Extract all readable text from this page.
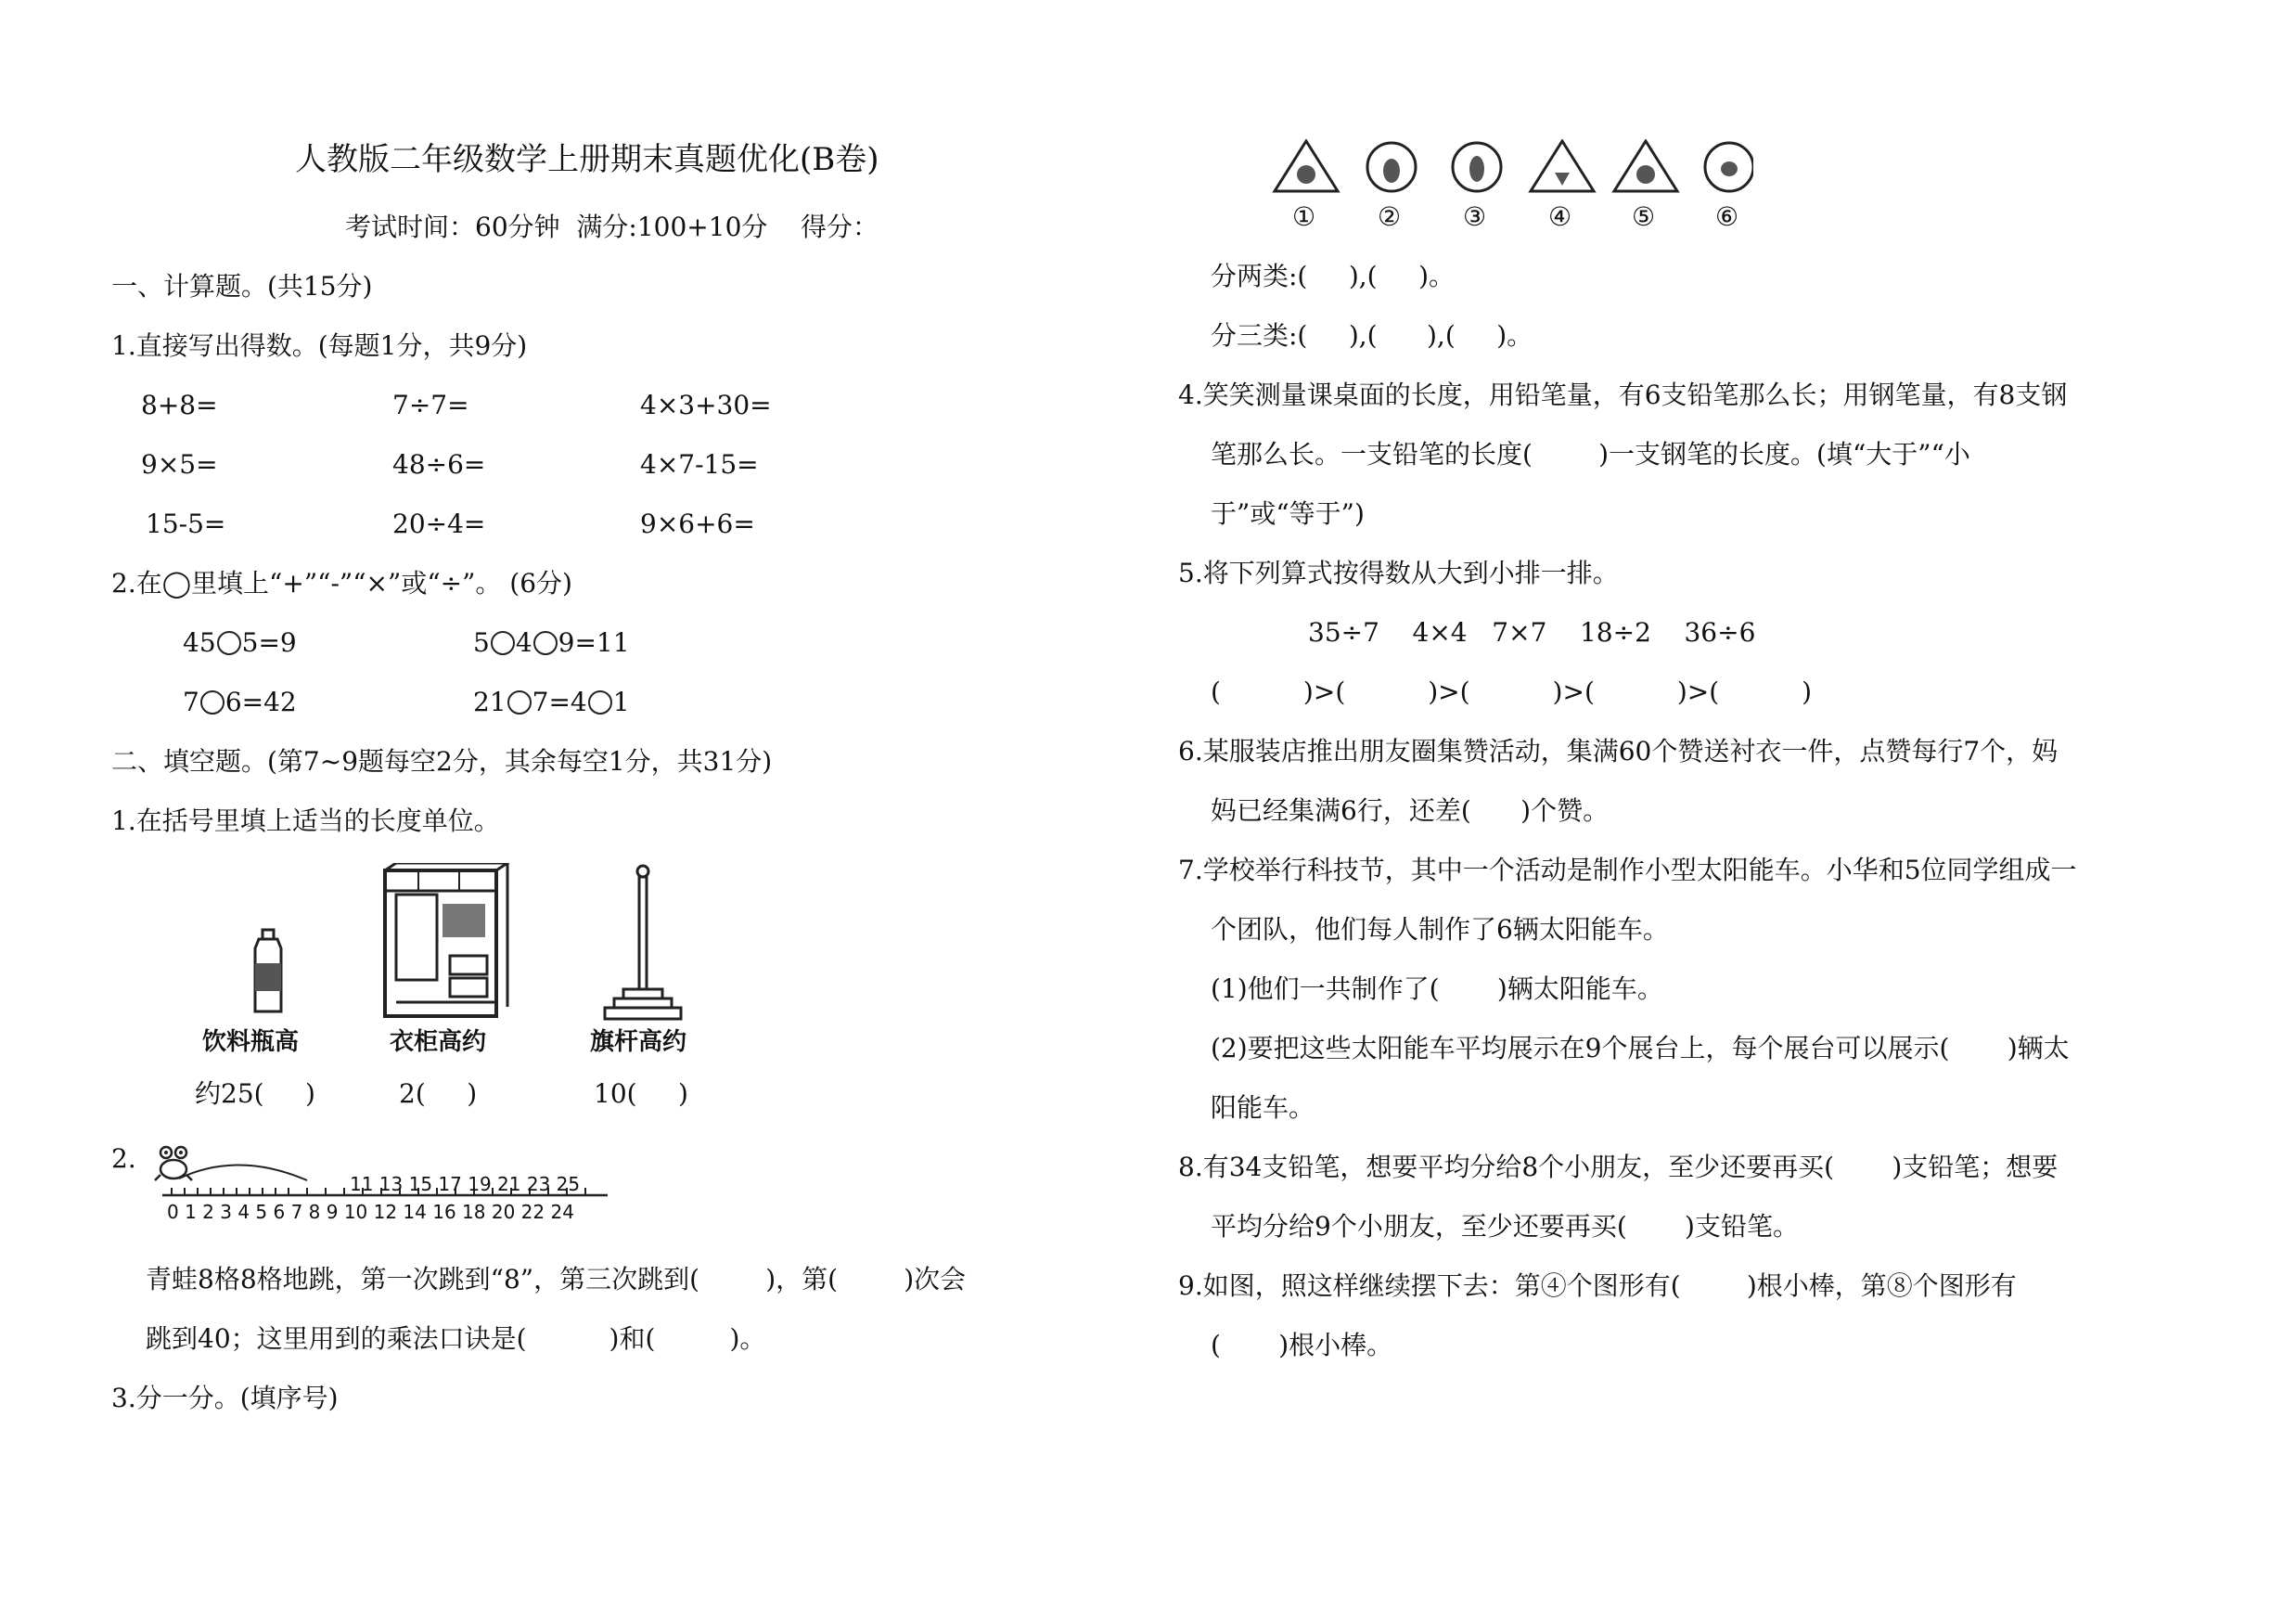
人教版二年级数学上册期末真题优化(B卷)
考试时间：60分钟  满分:100+10分    得分：
一、计算题。(共15分)
1.直接写出得数。(每题1分，共9分)
8+8=	7÷7=	4×3+30=
9×5=	48÷6=	4×7-15=
15-5=	20÷4=	9×6+6=
2.在◯里填上“+”“-”“×”或“÷”。 (6分)
45 5=9	5 4 9=11
7 6=42	21 7=4 1
二、填空题。(第7~9题每空2分，其余每空1分，共31分)
1.在括号里填上适当的长度单位。
饮料瓶高	衣柜高约	旗杆高约
约25(     )	2(     )	10(     )
2.
11 13 15 17 19 21 23 25
0 1 2 3 4 5 6 7 8 9 10 12 14 16 18 20 22 24
青蛙8格8格地跳，第一次跳到“8”，第三次跳到(        )，第(        )次会
跳到40；这里用到的乘法口诀是(          )和(         )。
3.分一分。(填序号)
① ② ③ ④ ⑤ ⑥
分两类:(     ),(     )。
分三类:(     ),(      ),(     )。
4.笑笑测量课桌面的长度，用铅笔量，有6支铅笔那么长；用钢笔量，有8支钢
笔那么长。一支铅笔的长度(        )一支钢笔的长度。(填“大于”“小
于”或“等于”)
5.将下列算式按得数从大到小排一排。
35÷7    4×4   7×7    18÷2    36÷6
(          )>(          )>(          )>(          )>(          )
6.某服装店推出朋友圈集赞活动，集满60个赞送衬衣一件，点赞每行7个，妈
妈已经集满6行，还差(      )个赞。
7.学校举行科技节，其中一个活动是制作小型太阳能车。小华和5位同学组成一
个团队，他们每人制作了6辆太阳能车。
(1)他们一共制作了(       )辆太阳能车。
(2)要把这些太阳能车平均展示在9个展台上，每个展台可以展示(       )辆太
阳能车。
8.有34支铅笔，想要平均分给8个小朋友，至少还要再买(       )支铅笔；想要
平均分给9个小朋友，至少还要再买(       )支铅笔。
9.如图，照这样继续摆下去：第④个图形有(        )根小棒，第⑧个图形有
(       )根小棒。
